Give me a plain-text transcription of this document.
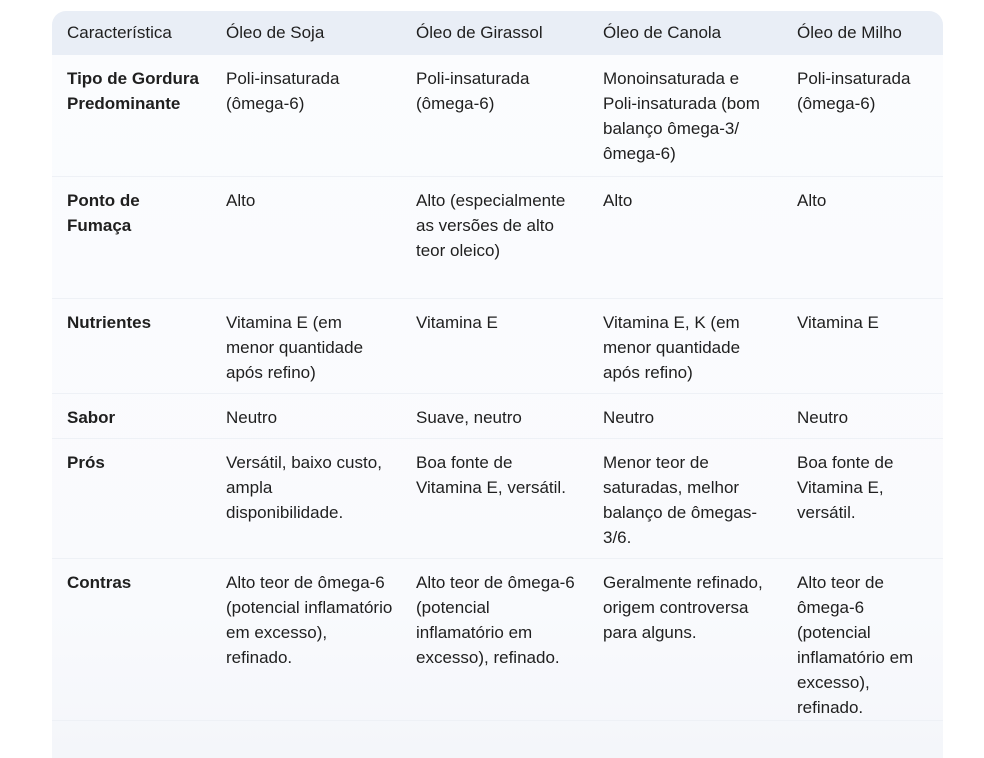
Característica	Óleo de Soja	Óleo de Girassol	Óleo de Canola	Óleo de Milho
Tipo de Gordura Predominante	Poli-insaturada (ômega-6)	Poli-insaturada (ômega-6)	Monoinsaturada e Poli-insaturada (bom balanço ômega-3/ômega-6)	Poli-insaturada (ômega-6)
Ponto de Fumaça	Alto	Alto (especialmente as versões de alto teor oleico)	Alto	Alto
Nutrientes	Vitamina E (em menor quantidade após refino)	Vitamina E	Vitamina E, K (em menor quantidade após refino)	Vitamina E
Sabor	Neutro	Suave, neutro	Neutro	Neutro
Prós	Versátil, baixo custo, ampla disponibilidade.	Boa fonte de Vitamina E, versátil.	Menor teor de saturadas, melhor balanço de ômegas-3/6.	Boa fonte de Vitamina E, versátil.
Contras	Alto teor de ômega-6 (potencial inflamatório em excesso), refinado.	Alto teor de ômega-6 (potencial inflamatório em excesso), refinado.	Geralmente refinado, origem controversa para alguns.	Alto teor de ômega-6 (potencial inflamatório em excesso), refinado.
